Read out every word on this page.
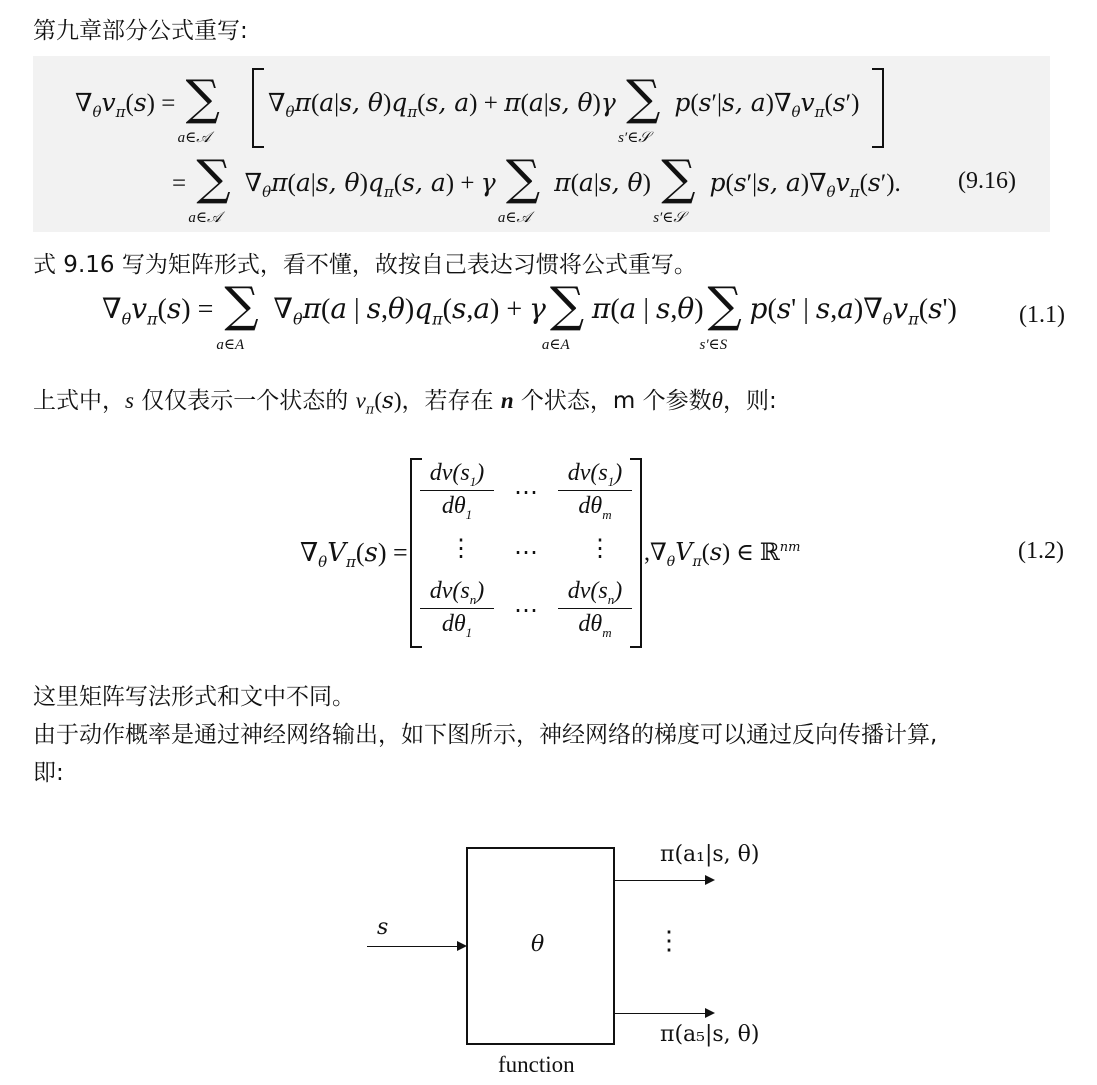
第九章部分公式重写:
$\nabla_\theta v_\pi(s)$ = ∑
a∈𝒜
$\nabla_\theta\pi(a|s$, $\theta)q_\pi(s$, a) + π(a|s, θ)γ ∑
s′∈𝒮
p(s′|s, $a)\nabla_\theta v_\pi(s')$
= ∑
a∈𝒜
$\nabla_\theta\pi(a|s$, $\theta)q_\pi(s$, a) + γ ∑
a∈𝒜
π(a|s, θ) ∑
s′∈𝒮
p(s′|s, $a)\nabla_\theta v_\pi(s')$. (9.16)
式 9.16 写为矩阵形式，看不懂，故按自己表达习惯将公式重写。
$\nabla_\theta v_\pi(s)$ = ∑
a∈A
$\nabla_\theta\pi(a$ | $s,\theta)q_\pi(s,a) + \gamma$ ∑
a∈A
π(a | s,θ) ∑
s'∈S
p(s' | $s,a)\nabla_\theta v_\pi(s')$	(1.1)
上式中，s 仅仅表示一个状态的 $v_\pi(s)$，若存在 n 个状态，m 个参数θ，则:
$\nabla_\theta V_\pi(s)$ =
$\frac{dv(s_1)}{d\theta_1}$ ⋯
$dv(s_1)$
$d\theta_m$
⋮ ⋯ ⋮
$\frac{dv(s_n)}{d\theta_1}$ ⋯
$dv(s_n)$
$d\theta_m$
$,\nabla_\theta V_\pi(s)$ ∈ ℝ$^{nm}$	(1.2)
这里矩阵写法形式和文中不同。
由于动作概率是通过神经网络输出，如下图所示，神经网络的梯度可以通过反向传播计算,
即:
θ
s
π(a₁|s, θ)
⋮
π(a₅|s, θ)
function
